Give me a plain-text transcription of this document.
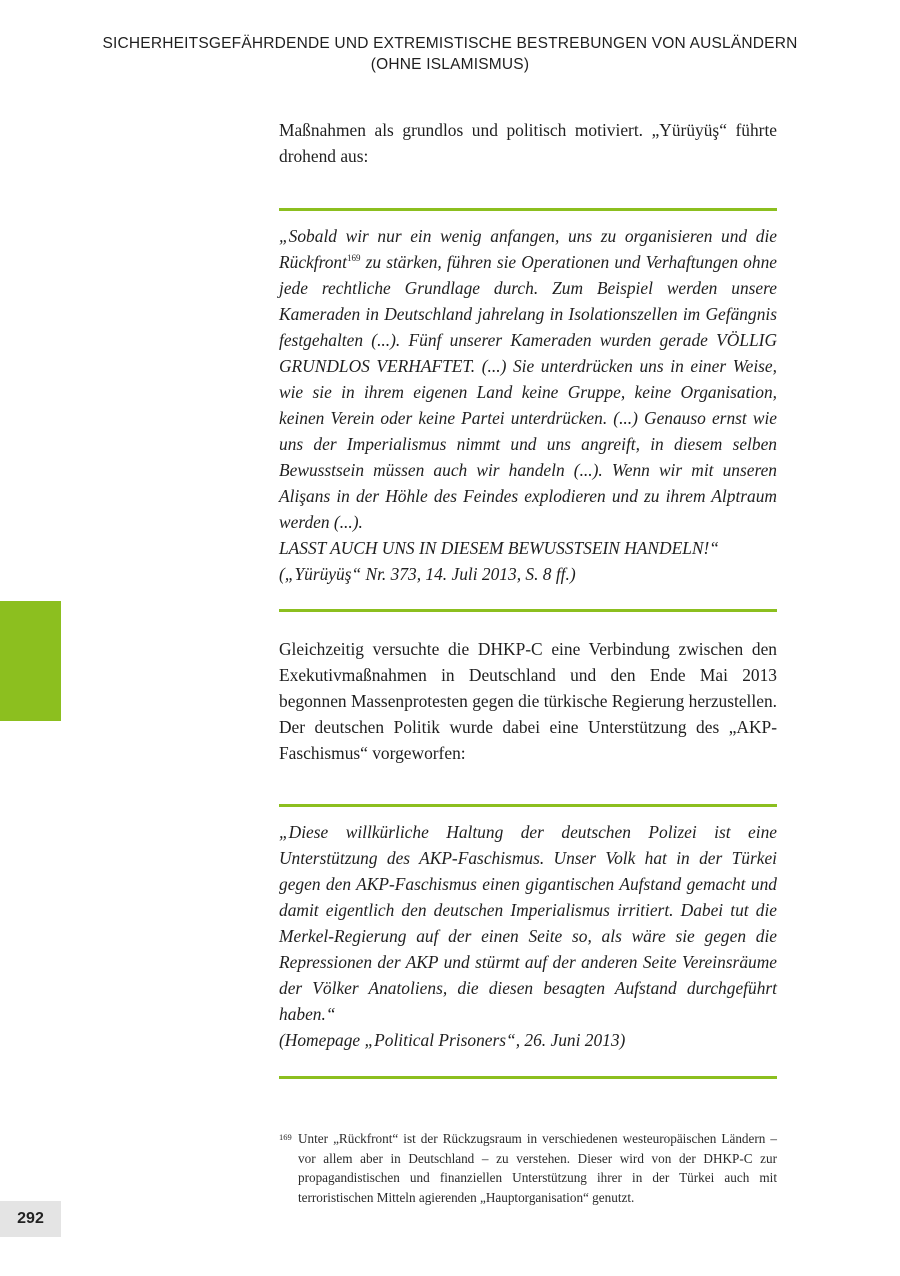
SICHERHEITSGEFÄHRDENDE UND EXTREMISTISCHE BESTREBUNGEN VON AUSLÄNDERN
(OHNE ISLAMISMUS)
292

Maßnahmen als grundlos und politisch motiviert. „Yürüyüş“ führte drohend aus:

„Sobald wir nur ein wenig anfangen, uns zu organisieren und die Rückfront$^{169}$ zu stärken, führen sie Operationen und Verhaftungen ohne jede rechtliche Grundlage durch. Zum Beispiel werden unsere Kameraden in Deutschland jahrelang in Isolationszellen im Gefängnis festgehalten (...). Fünf unserer Kameraden wurden gerade VÖLLIG GRUNDLOS VERHAFTET. (...) Sie unterdrücken uns in einer Weise, wie sie in ihrem eigenen Land keine Gruppe, keine Organisation, keinen Verein oder keine Partei unterdrücken. (...) Genauso ernst wie uns der Imperialismus nimmt und uns angreift, in diesem selben Bewusstsein müssen auch wir handeln (...). Wenn wir mit unseren Alişans in der Höhle des Feindes explodieren und zu ihrem Alptraum werden (...).
LASST AUCH UNS IN DIESEM BEWUSSTSEIN HANDELN!“
(„Yürüyüş“ Nr. 373, 14. Juli 2013, S. 8 ff.)

Gleichzeitig versuchte die DHKP-C eine Verbindung zwischen den Exekutivmaßnahmen in Deutschland und den Ende Mai 2013 begonnen Massenprotesten gegen die türkische Regierung herzustellen. Der deutschen Politik wurde dabei eine Unterstützung des „AKP-Faschismus“ vorgeworfen:

„Diese willkürliche Haltung der deutschen Polizei ist eine Unterstützung des AKP-Faschismus. Unser Volk hat in der Türkei gegen den AKP-Faschismus einen gigantischen Aufstand gemacht und damit eigentlich den deutschen Imperialismus irritiert. Dabei tut die Merkel-Regierung auf der einen Seite so, als wäre sie gegen die Repressionen der AKP und stürmt auf der anderen Seite Vereinsräume der Völker Anatoliens, die diesen besagten Aufstand durchgeführt haben.“
(Homepage „Political Prisoners“, 26. Juni 2013)

169 Unter „Rückfront“ ist der Rückzugsraum in verschiedenen westeuropäischen Ländern – vor allem aber in Deutschland – zu verstehen. Dieser wird von der DHKP-C zur propagandistischen und finanziellen Unterstützung ihrer in der Türkei auch mit terroristischen Mitteln agierenden „Hauptorganisation“ genutzt.
